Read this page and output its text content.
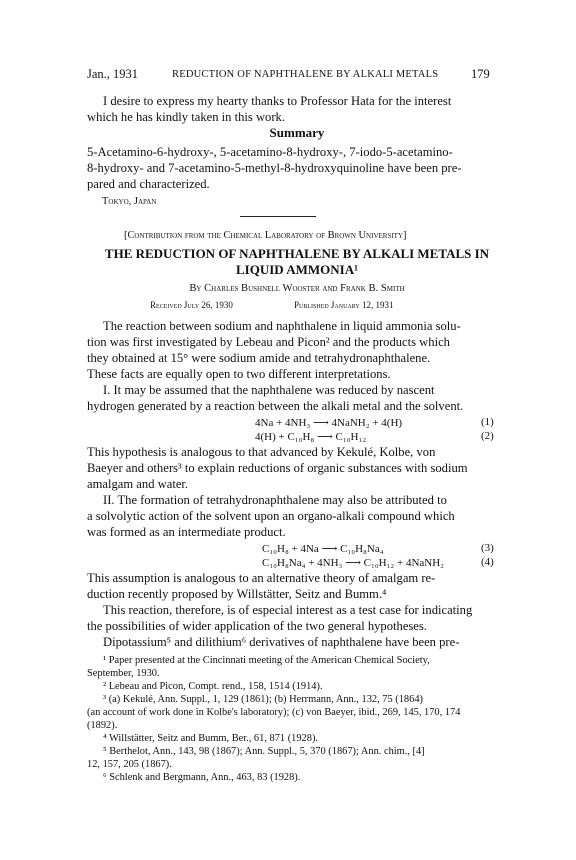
Jan., 1931	REDUCTION OF NAPHTHALENE BY ALKALI METALS	179
I desire to express my hearty thanks to Professor Hata for the interest
which he has kindly taken in this work.
Summary
5-Acetamino-6-hydroxy-, 5-acetamino-8-hydroxy-, 7-iodo-5-acetamino-
8-hydroxy- and 7-acetamino-5-methyl-8-hydroxyquinoline have been pre-
pared and characterized.
Tokyo, Japan
[Contribution from the Chemical Laboratory of Brown University]
THE REDUCTION OF NAPHTHALENE BY ALKALI METALS IN
LIQUID AMMONIA¹
By Charles Bushnell Wooster and Frank B. Smith
Received July 26, 1930	Published January 12, 1931
The reaction between sodium and naphthalene in liquid ammonia solu-
tion was first investigated by Lebeau and Picon² and the products which
they obtained at 15° were sodium amide and tetrahydronaphthalene.
These facts are equally open to two different interpretations.
I. It may be assumed that the naphthalene was reduced by nascent
hydrogen generated by a reaction between the alkali metal and the solvent.
4Na + 4NH₃ ⟶ 4NaNH₂ + 4(H)	(1)
4(H) + C₁₀H₈ ⟶ C₁₀H₁₂	(2)
This hypothesis is analogous to that advanced by Kekulé, Kolbe, von
Baeyer and others³ to explain reductions of organic substances with sodium
amalgam and water.
II. The formation of tetrahydronaphthalene may also be attributed to
a solvolytic action of the solvent upon an organo-alkali compound which
was formed as an intermediate product.
C₁₀H₈ + 4Na ⟶ C₁₀H₈Na₄	(3)
C₁₀H₈Na₄ + 4NH₃ ⟶ C₁₀H₁₂ + 4NaNH₂	(4)
This assumption is analogous to an alternative theory of amalgam re-
duction recently proposed by Willstätter, Seitz and Bumm.⁴
This reaction, therefore, is of especial interest as a test case for indicating
the possibilities of wider application of the two general hypotheses.
Dipotassium⁵ and dilithium⁶ derivatives of naphthalene have been pre-
¹ Paper presented at the Cincinnati meeting of the American Chemical Society,
September, 1930.
² Lebeau and Picon, Compt. rend., 158, 1514 (1914).
³ (a) Kekulé, Ann. Suppl., 1, 129 (1861); (b) Herrmann, Ann., 132, 75 (1864)
(an account of work done in Kolbe's laboratory); (c) von Baeyer, ibid., 269, 145, 170, 174
(1892).
⁴ Willstätter, Seitz and Bumm, Ber., 61, 871 (1928).
⁵ Berthelot, Ann., 143, 98 (1867); Ann. Suppl., 5, 370 (1867); Ann. chim., [4]
12, 157, 205 (1867).
⁶ Schlenk and Bergmann, Ann., 463, 83 (1928).
